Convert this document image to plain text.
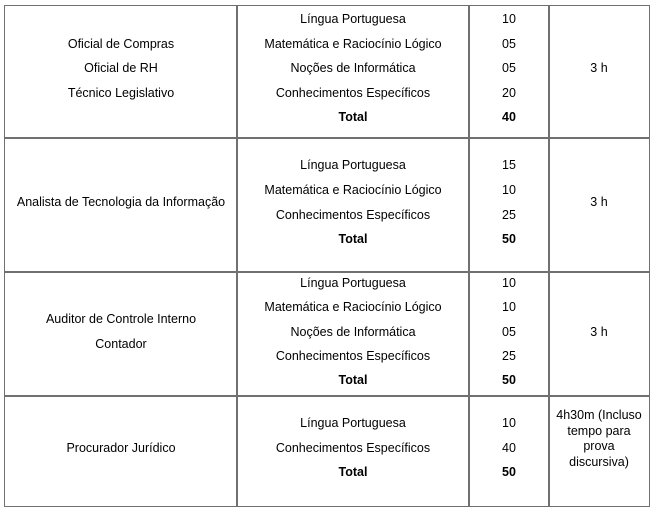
Oficial de Compras
Oficial de RH
Técnico Legislativo
Língua Portuguesa
Matemática e Raciocínio Lógico
Noções de Informática
Conhecimentos Específicos
Total
10
05
05
20
40
3 h
Analista de Tecnologia da Informação
Língua Portuguesa
Matemática e Raciocínio Lógico
Conhecimentos Específicos
Total
15
10
25
50
3 h
Auditor de Controle Interno
Contador
Língua Portuguesa
Matemática e Raciocínio Lógico
Noções de Informática
Conhecimentos Específicos
Total
10
10
05
25
50
3 h
Procurador Jurídico
Língua Portuguesa
Conhecimentos Específicos
Total
10
40
50
4h30m (Incluso tempo para prova discursiva)
